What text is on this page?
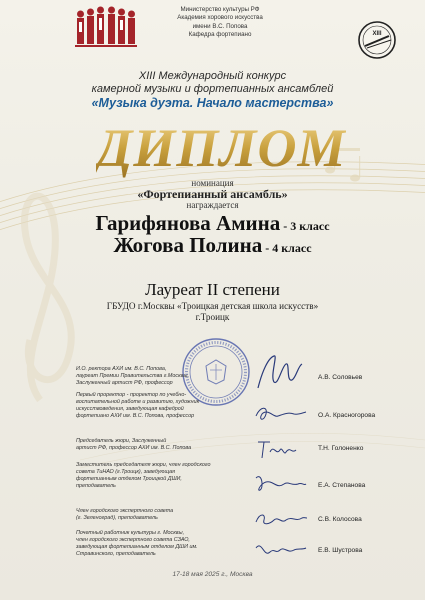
Министерство культуры РФ
Академия хорового искусства
имени В.С. Попова
Кафедра фортепиано	XIII
XIII Международный конкурс
камерной музыки и фортепианных ансамблей
«Музыка дуэта. Начало мастерства»
ДИПЛОМ
номинация
«Фортепианный ансамбль»
награждается
Гарифянова Амина - 3 класс
Жогова Полина - 4 класс
Лауреат II степени
ГБУДО г.Москвы «Троицкая детская школа искусств»
г.Троицк
И.О. ректора АХИ им. В.С. Попова,
лауреат Премии Правительства г.Москвы,
Заслуженный артист РФ, профессор
А.В. Соловьев
Первый проректор - проректор по учебно-
воспитательной работе и развитию, художник
искусствоведения, заведующая кафедрой
фортепиано АХИ им. В.С. Попова, профессор	О.А. Красногорова
Председатель жюри, Заслуженный
артист РФ, профессор АХИ им. В.С. Попова	Т.Н. Голоненко
Заместитель председателя жюри, член городского
совета ТиНАО (г.Троицк), заведующая
фортепианным отделом Троицкой ДШИ,
преподаватель	Е.А. Степанова
Член городского экспертного совета
(г. Зеленоград), преподаватель	С.В. Колосова
Почетный работник культуры г. Москвы,
член городского экспертного совета СЗАО,
заведующая фортепианным отделом ДШИ им.
Стравинского, преподаватель	Е.В. Шустрова
17-18 мая 2025 г., Москва
